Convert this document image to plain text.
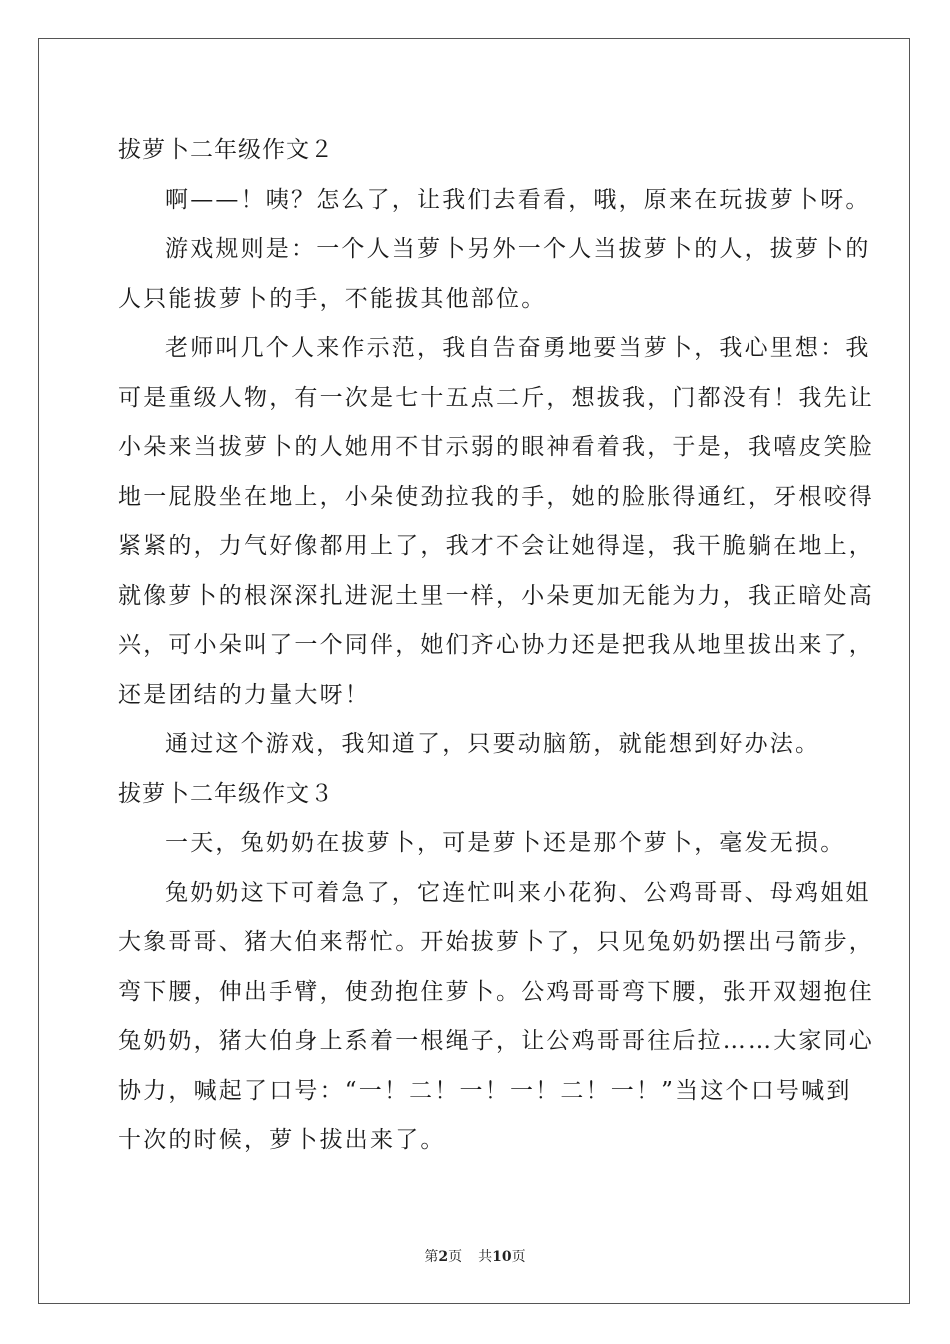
拔萝卜二年级作文２
啊——！咦？怎么了，让我们去看看，哦，原来在玩拔萝卜呀。
游戏规则是：一个人当萝卜另外一个人当拔萝卜的人，拔萝卜的
人只能拔萝卜的手，不能拔其他部位。
老师叫几个人来作示范，我自告奋勇地要当萝卜，我心里想：我
可是重级人物，有一次是七十五点二斤，想拔我，门都没有！我先让
小朵来当拔萝卜的人她用不甘示弱的眼神看着我，于是，我嘻皮笑脸
地一屁股坐在地上，小朵使劲拉我的手，她的脸胀得通红，牙根咬得
紧紧的，力气好像都用上了，我才不会让她得逞，我干脆躺在地上，
就像萝卜的根深深扎进泥土里一样，小朵更加无能为力，我正暗处高
兴，可小朵叫了一个同伴，她们齐心协力还是把我从地里拔出来了，
还是团结的力量大呀！
通过这个游戏，我知道了，只要动脑筋，就能想到好办法。
拔萝卜二年级作文３
一天，兔奶奶在拔萝卜，可是萝卜还是那个萝卜，毫发无损。
兔奶奶这下可着急了，它连忙叫来小花狗、公鸡哥哥、母鸡姐姐
大象哥哥、猪大伯来帮忙。开始拔萝卜了，只见兔奶奶摆出弓箭步，
弯下腰，伸出手臂，使劲抱住萝卜。公鸡哥哥弯下腰，张开双翅抱住
兔奶奶，猪大伯身上系着一根绳子，让公鸡哥哥往后拉……大家同心
协力，喊起了口号：“一！二！一！一！二！一！”当这个口号喊到
十次的时候，萝卜拔出来了。
第2页 共10页
